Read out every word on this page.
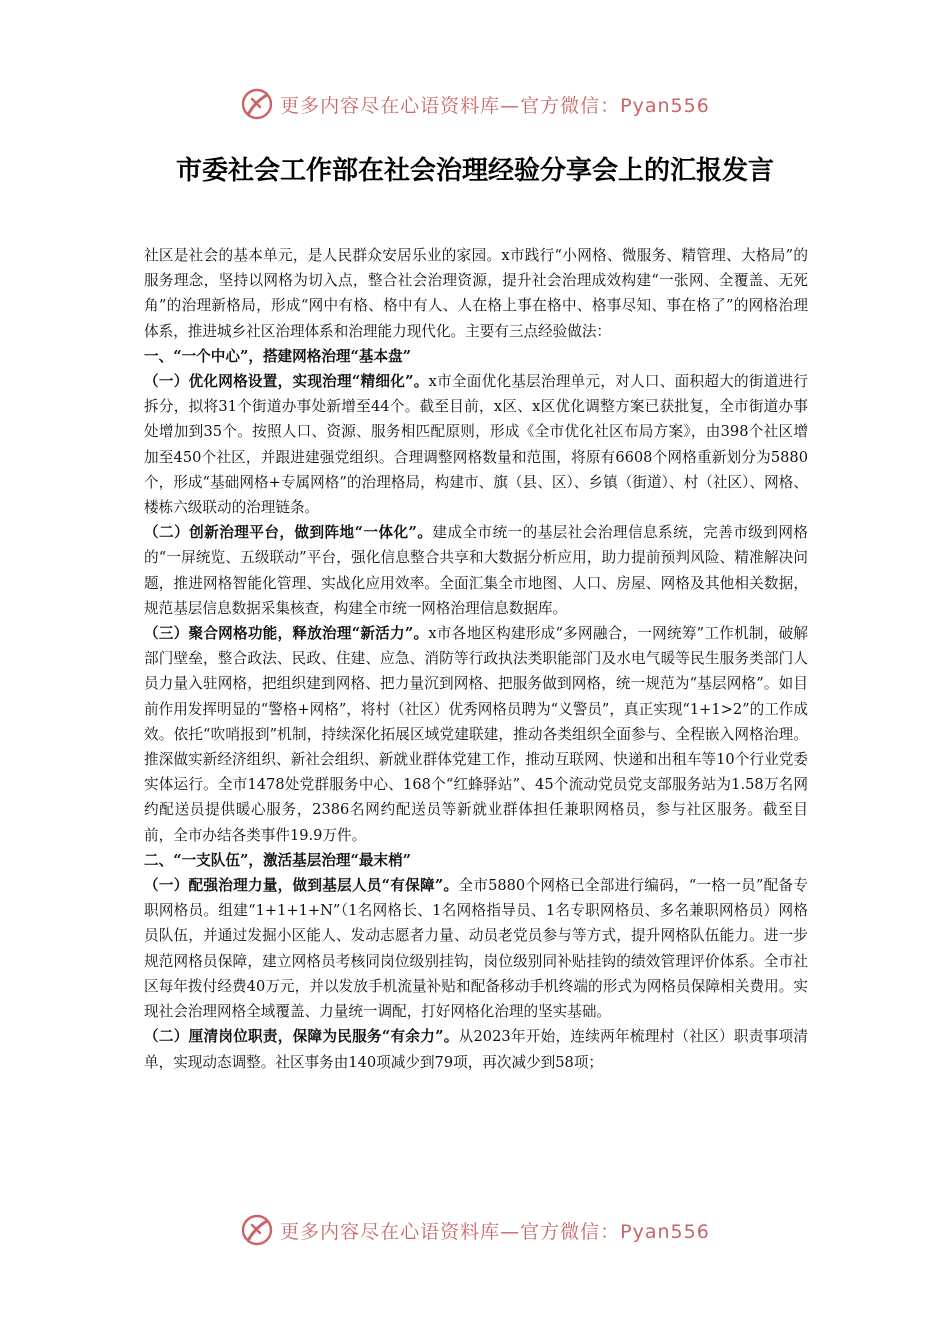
更多内容尽在心语资料库—官方微信：Pyan556
市委社会工作部在社会治理经验分享会上的汇报发言

社区是社会的基本单元，是人民群众安居乐业的家园。x市践行“小网格、微服务、精管理、大格局”的服务理念，坚持以网格为切入点，整合社会治理资源，提升社会治理成效构建“一张网、全覆盖、无死角”的治理新格局，形成“网中有格、格中有人、人在格上事在格中、格事尽知、事在格了”的网格治理体系，推进城乡社区治理体系和治理能力现代化。主要有三点经验做法：

一、“一个中心”，搭建网格治理“基本盘”

（一）优化网格设置，实现治理“精细化”。x市全面优化基层治理单元，对人口、面积超大的街道进行拆分，拟将31个街道办事处新增至44个。截至目前，x区、x区优化调整方案已获批复，全市街道办事处增加到35个。按照人口、资源、服务相匹配原则，形成《全市优化社区布局方案》，由398个社区增加至450个社区，并跟进建强党组织。合理调整网格数量和范围，将原有6608个网格重新划分为5880个，形成“基础网格+专属网格”的治理格局，构建市、旗（县、区）、乡镇（街道）、村（社区）、网格、楼栋六级联动的治理链条。

（二）创新治理平台，做到阵地“一体化”。建成全市统一的基层社会治理信息系统，完善市级到网格的“一屏统览、五级联动”平台，强化信息整合共享和大数据分析应用，助力提前预判风险、精准解决问题，推进网格智能化管理、实战化应用效率。全面汇集全市地图、人口、房屋、网格及其他相关数据，规范基层信息数据采集核查，构建全市统一网格治理信息数据库。

（三）聚合网格功能，释放治理“新活力”。x市各地区构建形成“多网融合，一网统筹”工作机制，破解部门壁垒，整合政法、民政、住建、应急、消防等行政执法类职能部门及水电气暖等民生服务类部门人员力量入驻网格，把组织建到网格、把力量沉到网格、把服务做到网格，统一规范为“基层网格”。如目前作用发挥明显的“警格+网格”，将村（社区）优秀网格员聘为“义警员”，真正实现“1+1>2”的工作成效。依托“吹哨报到”机制，持续深化拓展区域党建联建，推动各类组织全面参与、全程嵌入网格治理。推深做实新经济组织、新社会组织、新就业群体党建工作，推动互联网、快递和出租车等10个行业党委实体运行。全市1478处党群服务中心、168个“红蜂驿站”、45个流动党员党支部服务站为1.58万名网约配送员提供暖心服务，2386名网约配送员等新就业群体担任兼职网格员，参与社区服务。截至目前，全市办结各类事件19.9万件。

二、“一支队伍”，激活基层治理“最末梢”

（一）配强治理力量，做到基层人员“有保障”。全市5880个网格已全部进行编码，“一格一员”配备专职网格员。组建“1+1+1+N”（1名网格长、1名网格指导员、1名专职网格员、多名兼职网格员）网格员队伍，并通过发掘小区能人、发动志愿者力量、动员老党员参与等方式，提升网格队伍能力。进一步规范网格员保障，建立网格员考核同岗位级别挂钩，岗位级别同补贴挂钩的绩效管理评价体系。全市社区每年拨付经费40万元，并以发放手机流量补贴和配备移动手机终端的形式为网格员保障相关费用。实现社会治理网格全域覆盖、力量统一调配，打好网格化治理的坚实基础。

（二）厘清岗位职责，保障为民服务“有余力”。从2023年开始，连续两年梳理村（社区）职责事项清单，实现动态调整。社区事务由140项减少到79项，再次减少到58项；

更多内容尽在心语资料库—官方微信：Pyan556
